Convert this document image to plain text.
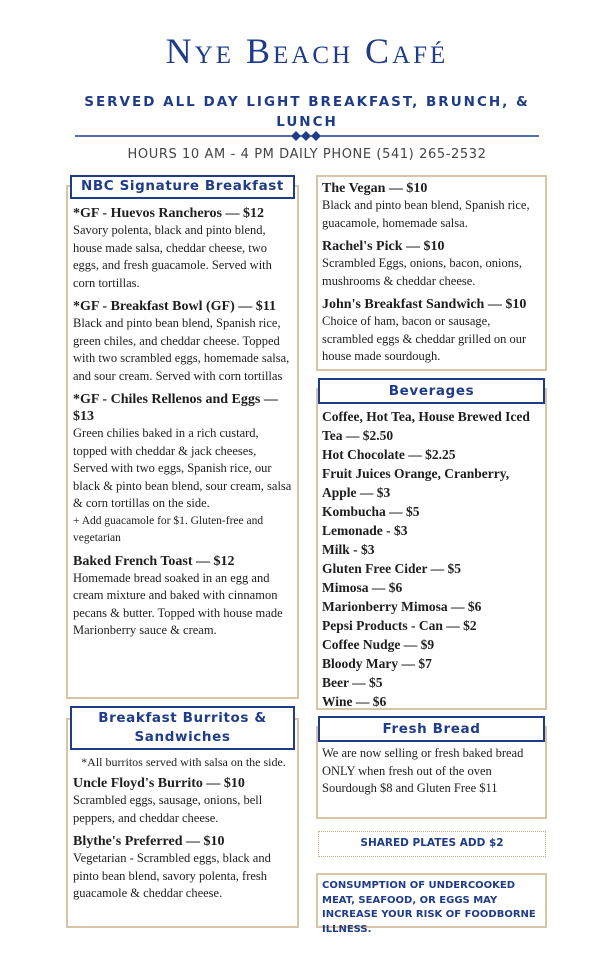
Nye Beach Café
SERVED ALL DAY LIGHT BREAKFAST, BRUNCH, & LUNCH
HOURS 10 AM - 4 PM DAILY PHONE (541) 265-2532
NBC Signature Breakfast
*GF - Huevos Rancheros — $12
Savory polenta, black and pinto blend, house made salsa, cheddar cheese, two eggs, and fresh guacamole. Served with corn tortillas.
*GF - Breakfast Bowl (GF) — $11
Black and pinto bean blend, Spanish rice, green chiles, and cheddar cheese. Topped with two scrambled eggs, homemade salsa, and sour cream. Served with corn tortillas
*GF - Chiles Rellenos and Eggs — $13
Green chilies baked in a rich custard, topped with cheddar & jack cheeses, Served with two eggs, Spanish rice, our black & pinto bean blend, sour cream, salsa & corn tortillas on the side.
+ Add guacamole for $1. Gluten-free and vegetarian
Baked French Toast — $12
Homemade bread soaked in an egg and cream mixture and baked with cinnamon pecans & butter. Topped with house made Marionberry sauce & cream.
Breakfast Burritos & Sandwiches
*All burritos served with salsa on the side.
Uncle Floyd's Burrito — $10
Scrambled eggs, sausage, onions, bell peppers, and cheddar cheese.
Blythe's Preferred — $10
Vegetarian - Scrambled eggs, black and pinto bean blend, savory polenta, fresh guacamole & cheddar cheese.
The Vegan — $10
Black and pinto bean blend, Spanish rice, guacamole, homemade salsa.
Rachel's Pick — $10
Scrambled Eggs, onions, bacon, onions, mushrooms & cheddar cheese.
John's Breakfast Sandwich — $10
Choice of ham, bacon or sausage, scrambled eggs & cheddar grilled on our house made sourdough.
Beverages
Coffee, Hot Tea, House Brewed Iced Tea — $2.50
Hot Chocolate — $2.25
Fruit Juices Orange, Cranberry, Apple — $3
Kombucha — $5
Lemonade - $3
Milk - $3
Gluten Free Cider — $5
Mimosa — $6
Marionberry Mimosa — $6
Pepsi Products - Can — $2
Coffee Nudge — $9
Bloody Mary — $7
Beer — $5
Wine — $6
Fresh Bread
We are now selling or fresh baked bread ONLY when fresh out of the oven Sourdough $8 and Gluten Free $11
SHARED PLATES ADD $2
CONSUMPTION OF UNDERCOOKED MEAT, SEAFOOD, OR EGGS MAY INCREASE YOUR RISK OF FOODBORNE ILLNESS.
